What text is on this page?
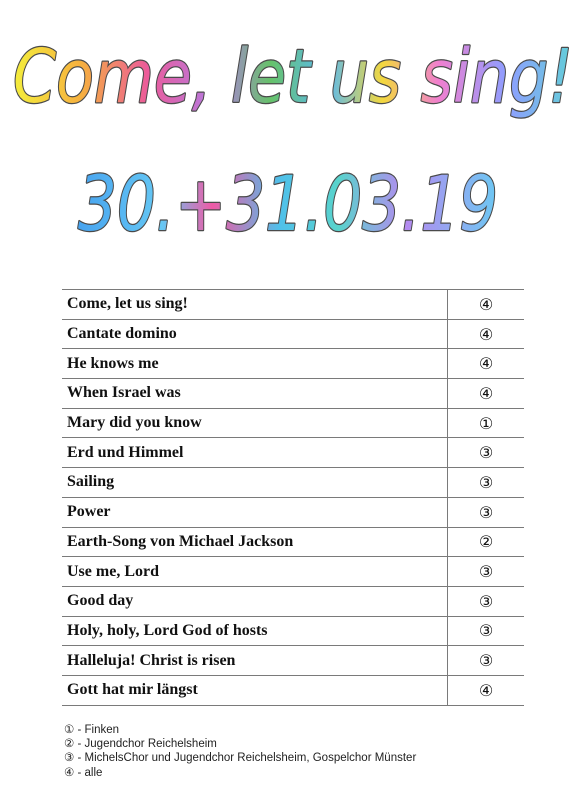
Come, let us sing!
30.+31.03.19
Come, let us sing!	④
Cantate domino	④
He knows me	④
When Israel was	④
Mary did you know	①
Erd und Himmel	③
Sailing	③
Power	③
Earth-Song von Michael Jackson	②
Use me, Lord	③
Good day	③
Holy, holy, Lord God of hosts	③
Halleluja! Christ is risen	③
Gott hat mir längst	④
① - Finken
② - Jugendchor Reichelsheim
③ - MichelsChor und Jugendchor Reichelsheim, Gospelchor Münster
④ - alle
